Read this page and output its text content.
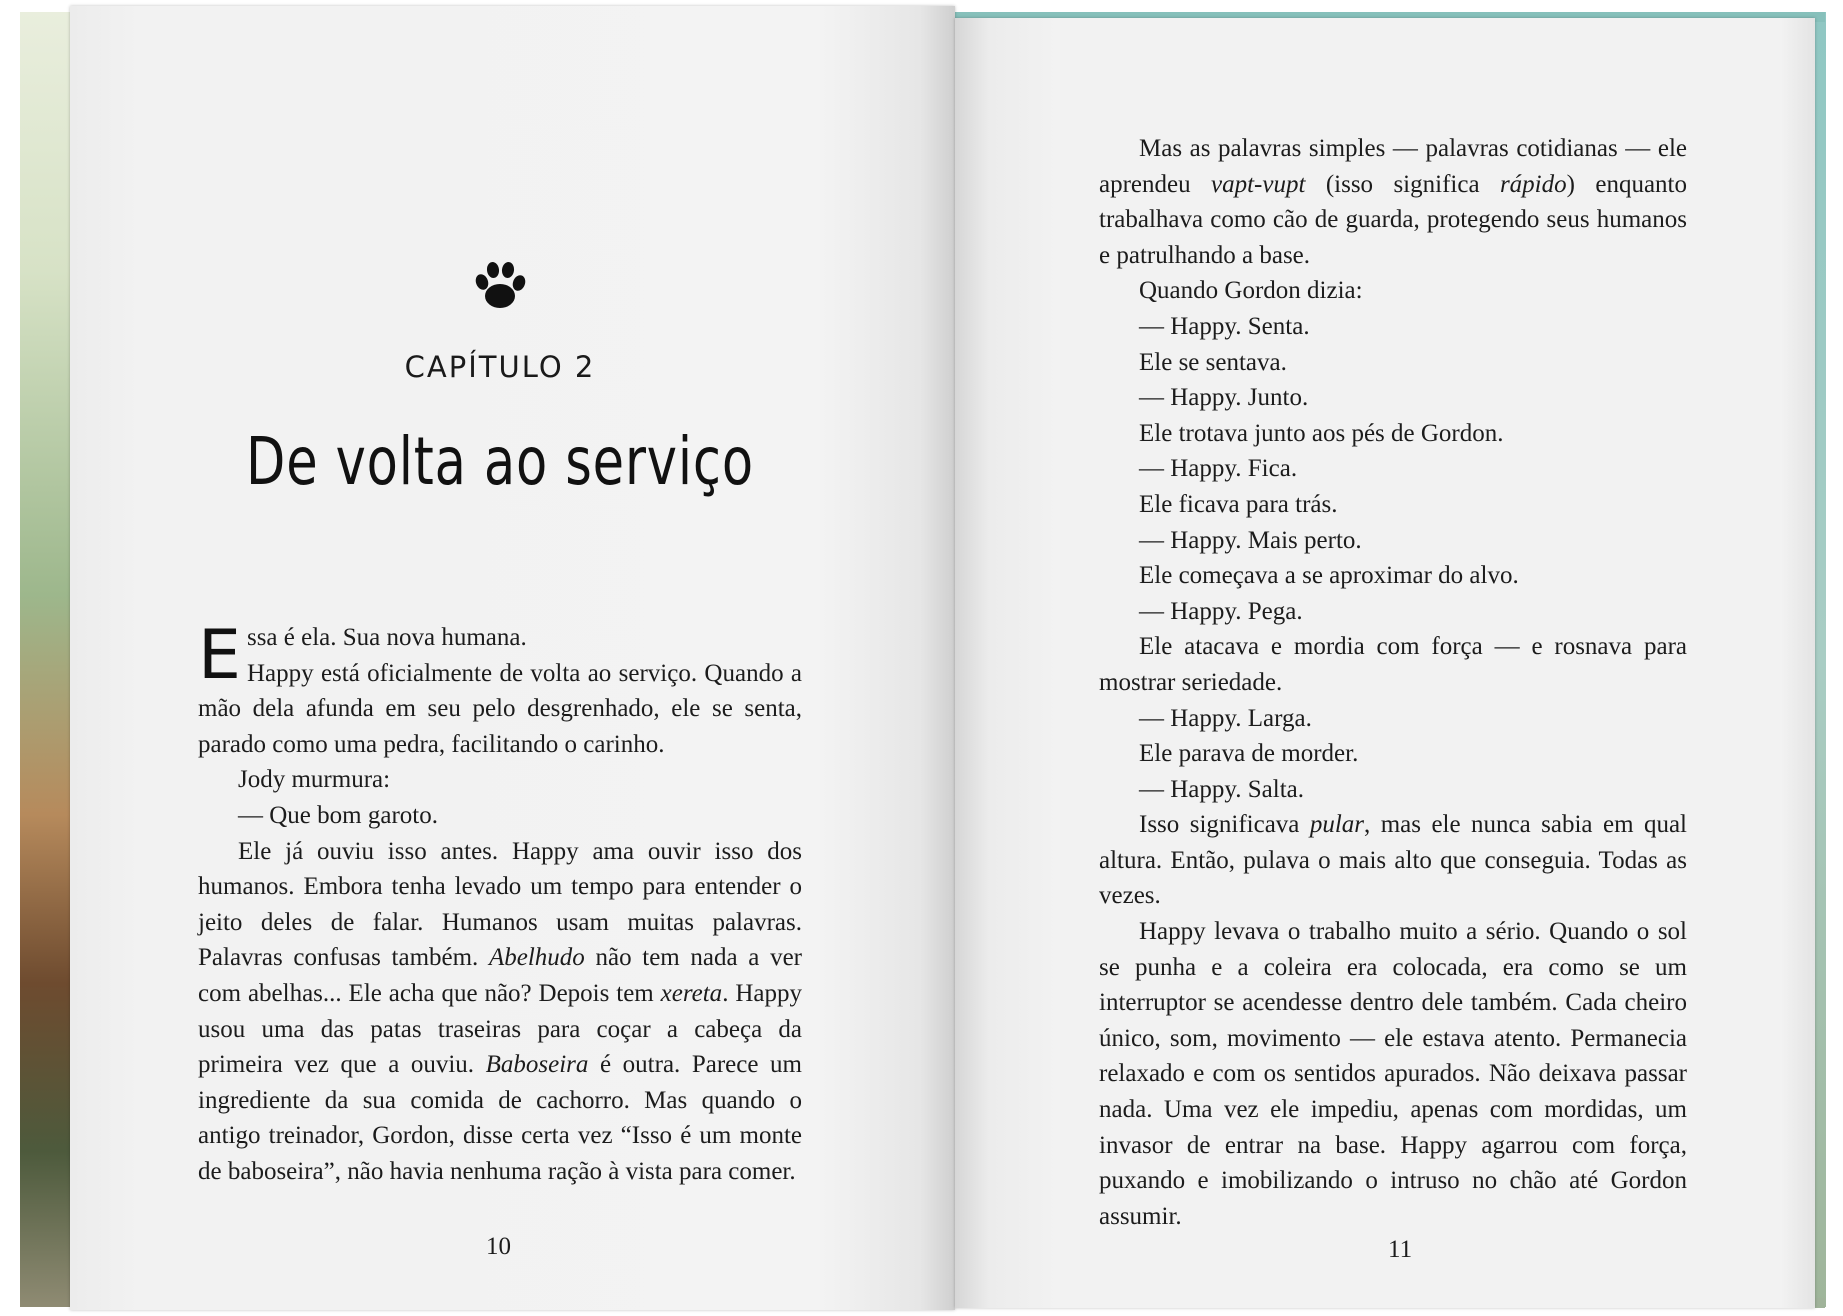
CAPÍTULO 2
De volta ao serviço
E ssa é ela. Sua nova humana.

Happy está oficialmente de volta ao serviço. Quando a mão dela afunda em seu pelo desgrenhado, ele se senta, parado como uma pedra, facilitando o carinho.

Jody murmura:

— Que bom garoto.

Ele já ouviu isso antes. Happy ama ouvir isso dos humanos. Embora tenha levado um tempo para entender o jeito deles de falar. Humanos usam muitas palavras. Palavras confusas também. Abelhudo não tem nada a ver com abelhas... Ele acha que não? Depois tem xereta. Happy usou uma das patas traseiras para coçar a cabeça da primeira vez que a ouviu. Baboseira é outra. Parece um ingrediente da sua comida de cachorro. Mas quando o antigo treinador, Gordon, disse certa vez “Isso é um monte de baboseira”, não havia nenhuma ração à vista para comer.

Mas as palavras simples — palavras cotidianas — ele aprendeu vapt-vupt (isso significa rápido) enquanto trabalhava como cão de guarda, protegendo seus humanos e patrulhando a base.

Quando Gordon dizia:

— Happy. Senta.

Ele se sentava.

— Happy. Junto.

Ele trotava junto aos pés de Gordon.

— Happy. Fica.

Ele ficava para trás.

— Happy. Mais perto.

Ele começava a se aproximar do alvo.

— Happy. Pega.

Ele atacava e mordia com força — e rosnava para mostrar seriedade.

— Happy. Larga.

Ele parava de morder.

— Happy. Salta.

Isso significava pular, mas ele nunca sabia em qual altura. Então, pulava o mais alto que conseguia. Todas as vezes.

Happy levava o trabalho muito a sério. Quando o sol se punha e a coleira era colocada, era como se um interruptor se acendesse dentro dele também. Cada cheiro único, som, movimento — ele estava atento. Permanecia relaxado e com os sentidos apurados. Não deixava passar nada. Uma vez ele impediu, apenas com mordidas, um invasor de entrar na base. Happy agarrou com força, puxando e imobilizando o intruso no chão até Gordon assumir.

10	11
